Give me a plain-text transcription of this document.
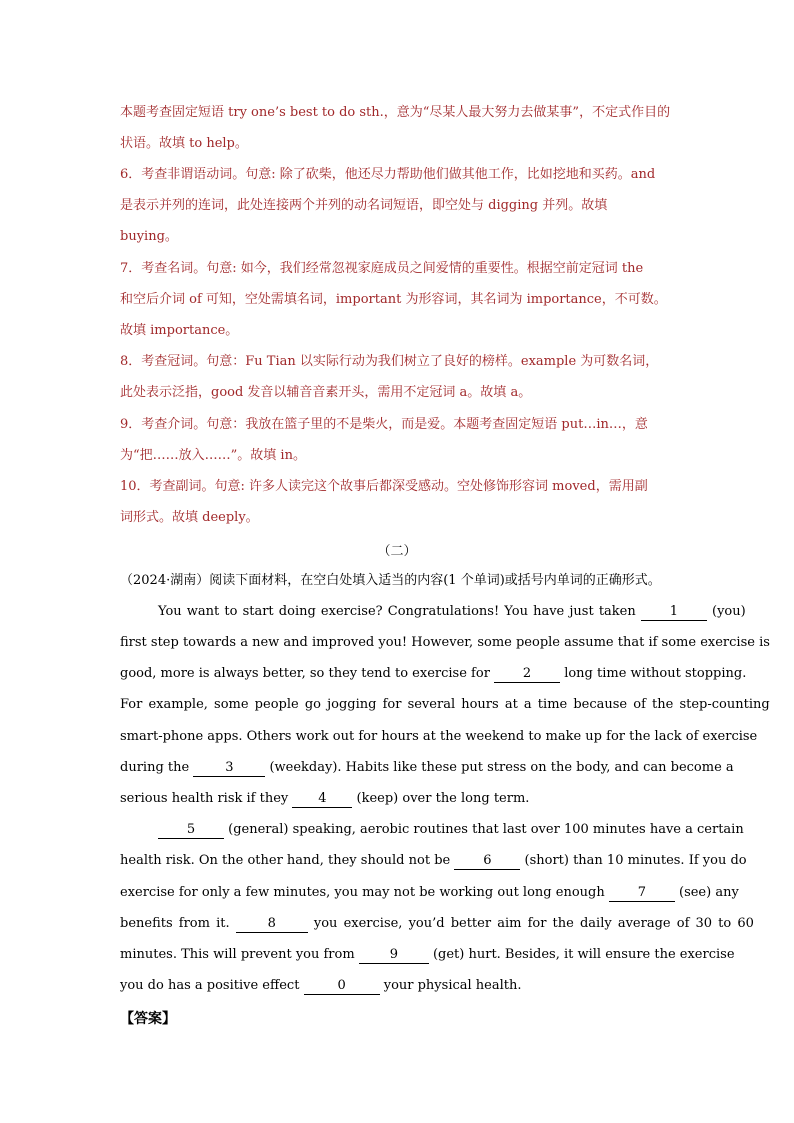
本题考查固定短语 try one’s best to do sth.，意为“尽某人最大努力去做某事”，不定式作目的
状语。故填 to help。
6．考查非谓语动词。句意: 除了砍柴，他还尽力帮助他们做其他工作，比如挖地和买药。and
是表示并列的连词，此处连接两个并列的动名词短语，即空处与 digging 并列。故填
buying。
7．考查名词。句意: 如今，我们经常忽视家庭成员之间爱情的重要性。根据空前定冠词 the
和空后介词 of 可知，空处需填名词，important 为形容词，其名词为 importance，不可数。
故填 importance。
8．考查冠词。句意：Fu Tian 以实际行动为我们树立了良好的榜样。example 为可数名词，
此处表示泛指，good 发音以辅音音素开头，需用不定冠词 a。故填 a。
9．考查介词。句意：我放在篮子里的不是柴火，而是爱。本题考查固定短语 put…in…，意
为“把……放入……”。故填 in。
10．考查副词。句意: 许多人读完这个故事后都深受感动。空处修饰形容词 moved，需用副
词形式。故填 deeply。
（二）
（2024·湖南）阅读下面材料，在空白处填入适当的内容(1 个单词)或括号内单词的正确形式。
You want to start doing exercise? Congratulations! You have just taken	1	(you)
first step towards a new and improved you! However, some people assume that if some exercise is
good, more is always better, so they tend to exercise for	2	long time without stopping.
For example, some people go jogging for several hours at a time because of the step-counting
smart-phone apps. Others work out for hours at the weekend to make up for the lack of exercise
during the	3	(weekday). Habits like these put stress on the body, and can become a
serious health risk if they 4 (keep) over the long term.
5	(general) speaking, aerobic routines that last over 100 minutes have a certain
health risk. On the other hand, they should not be	6	(short) than 10 minutes. If you do
exercise for only a few minutes, you may not be working out long enough	7	(see) any
benefits from it.	8	you exercise, you’d better aim for the daily average of 30 to 60
minutes. This will prevent you from	9	(get) hurt. Besides, it will ensure the exercise
you do has a positive effect	0	your physical health.
【答案】
